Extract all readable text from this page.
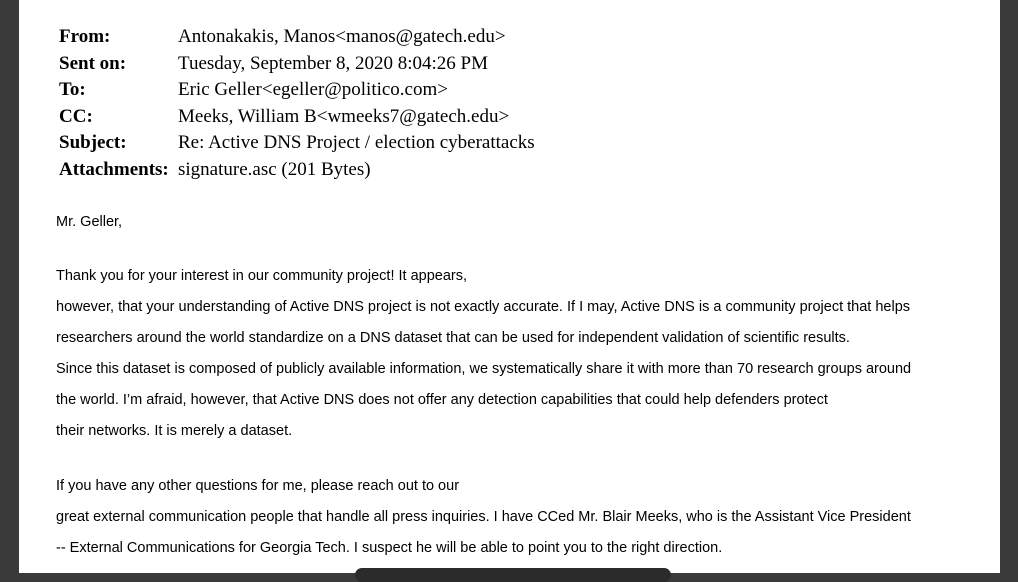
From:	Antonakakis, Manos<manos@gatech.edu>
Sent on:	Tuesday, September 8, 2020 8:04:26 PM
To:	Eric Geller<egeller@politico.com>
CC:	Meeks, William B<wmeeks7@gatech.edu>
Subject:	Re: Active DNS Project / election cyberattacks
Attachments: signature.asc (201 Bytes)
Mr. Geller,
Thank you for your interest in our community project! It appears,
however, that your understanding of Active DNS project is not exactly accurate. If I may, Active DNS is a community project that helps
researchers around the world standardize on a DNS dataset that can be used for independent validation of scientific results.
Since this dataset is composed of publicly available information, we systematically share it with more than 70 research groups around
the world. I’m afraid, however, that Active DNS does not offer any detection capabilities that could help defenders protect
their networks. It is merely a dataset.
If you have any other questions for me, please reach out to our
great external communication people that handle all press inquiries. I have CCed Mr. Blair Meeks, who is the Assistant Vice President
-- External Communications for Georgia Tech. I suspect he will be able to point you to the right direction.
